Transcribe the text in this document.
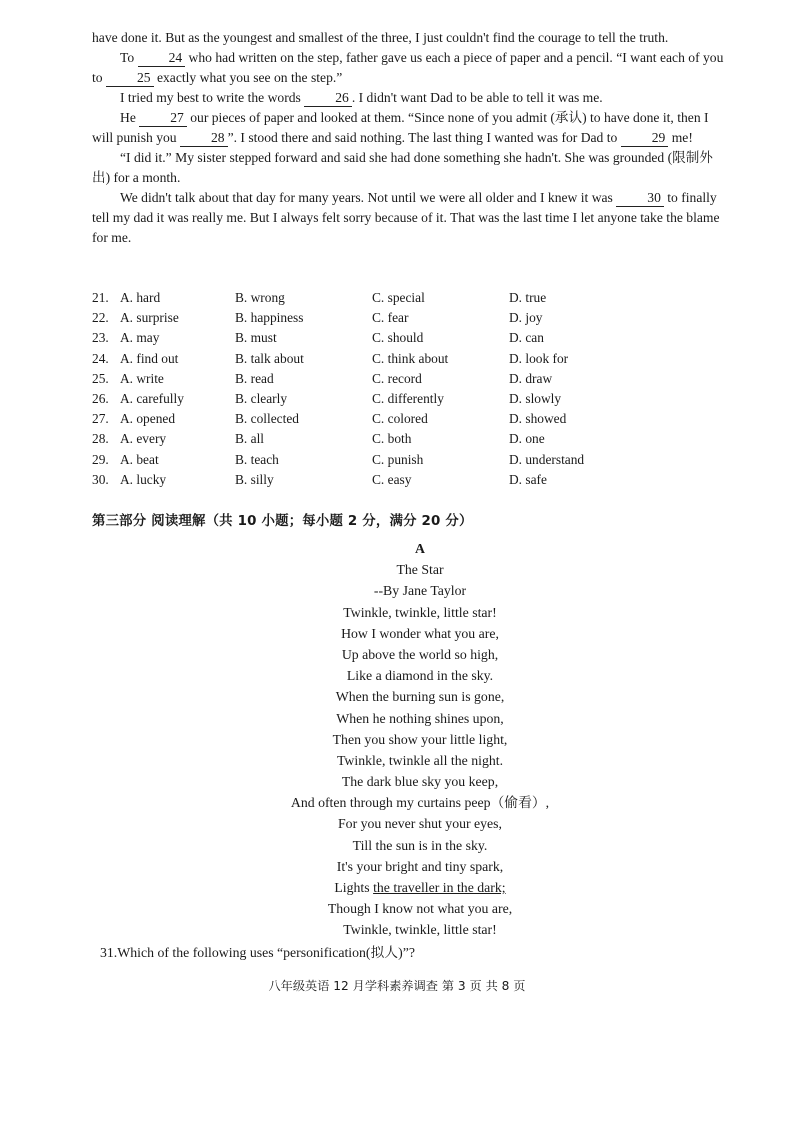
have done it. But as the youngest and smallest of the three, I just couldn't find the courage to tell the truth.

To 24 who had written on the step, father gave us each a piece of paper and a pencil. “I want each of you to 25 exactly what you see on the step.”

I tried my best to write the words 26 . I didn't want Dad to be able to tell it was me.

He 27 our pieces of paper and looked at them. “Since none of you admit (承认) to have done it, then I will punish you 28 ”. I stood there and said nothing. The last thing I wanted was for Dad to 29 me!

“I did it.” My sister stepped forward and said she had done something she hadn't. She was grounded (限制外出) for a month.

We didn't talk about that day for many years. Not until we were all older and I knew it was 30 to finally tell my dad it was really me. But I always felt sorry because of it. That was the last time I let anyone take the blame for me.

21. A. hard	B. wrong	C. special	D. true
22. A. surprise	B. happiness	C. fear	D. joy
23. A. may	B. must	C. should	D. can
24. A. find out	B. talk about	C. think about	D. look for
25. A. write	B. read	C. record	D. draw
26. A. carefully	B. clearly	C. differently	D. slowly
27. A. opened	B. collected	C. colored	D. showed
28. A. every	B. all	C. both	D. one
29. A. beat	B. teach	C. punish	D. understand
30. A. lucky	B. silly	C. easy	D. safe
第三部分 阅读理解（共 10 小题；每小题 2 分，满分 20 分）
A
The Star
--By Jane Taylor
Twinkle, twinkle, little star!
How I wonder what you are,
Up above the world so high,
Like a diamond in the sky.
When the burning sun is gone,
When he nothing shines upon,
Then you show your little light,
Twinkle, twinkle all the night.
The dark blue sky you keep,
And often through my curtains peep（偷看）,
For you never shut your eyes,
Till the sun is in the sky.
It's your bright and tiny spark,
Lights the traveller in the dark;
Though I know not what you are,
Twinkle, twinkle, little star!
31.Which of the following uses “personification(拟人)”?
八年级英语 12 月学科素养调查 第 3 页 共 8 页
